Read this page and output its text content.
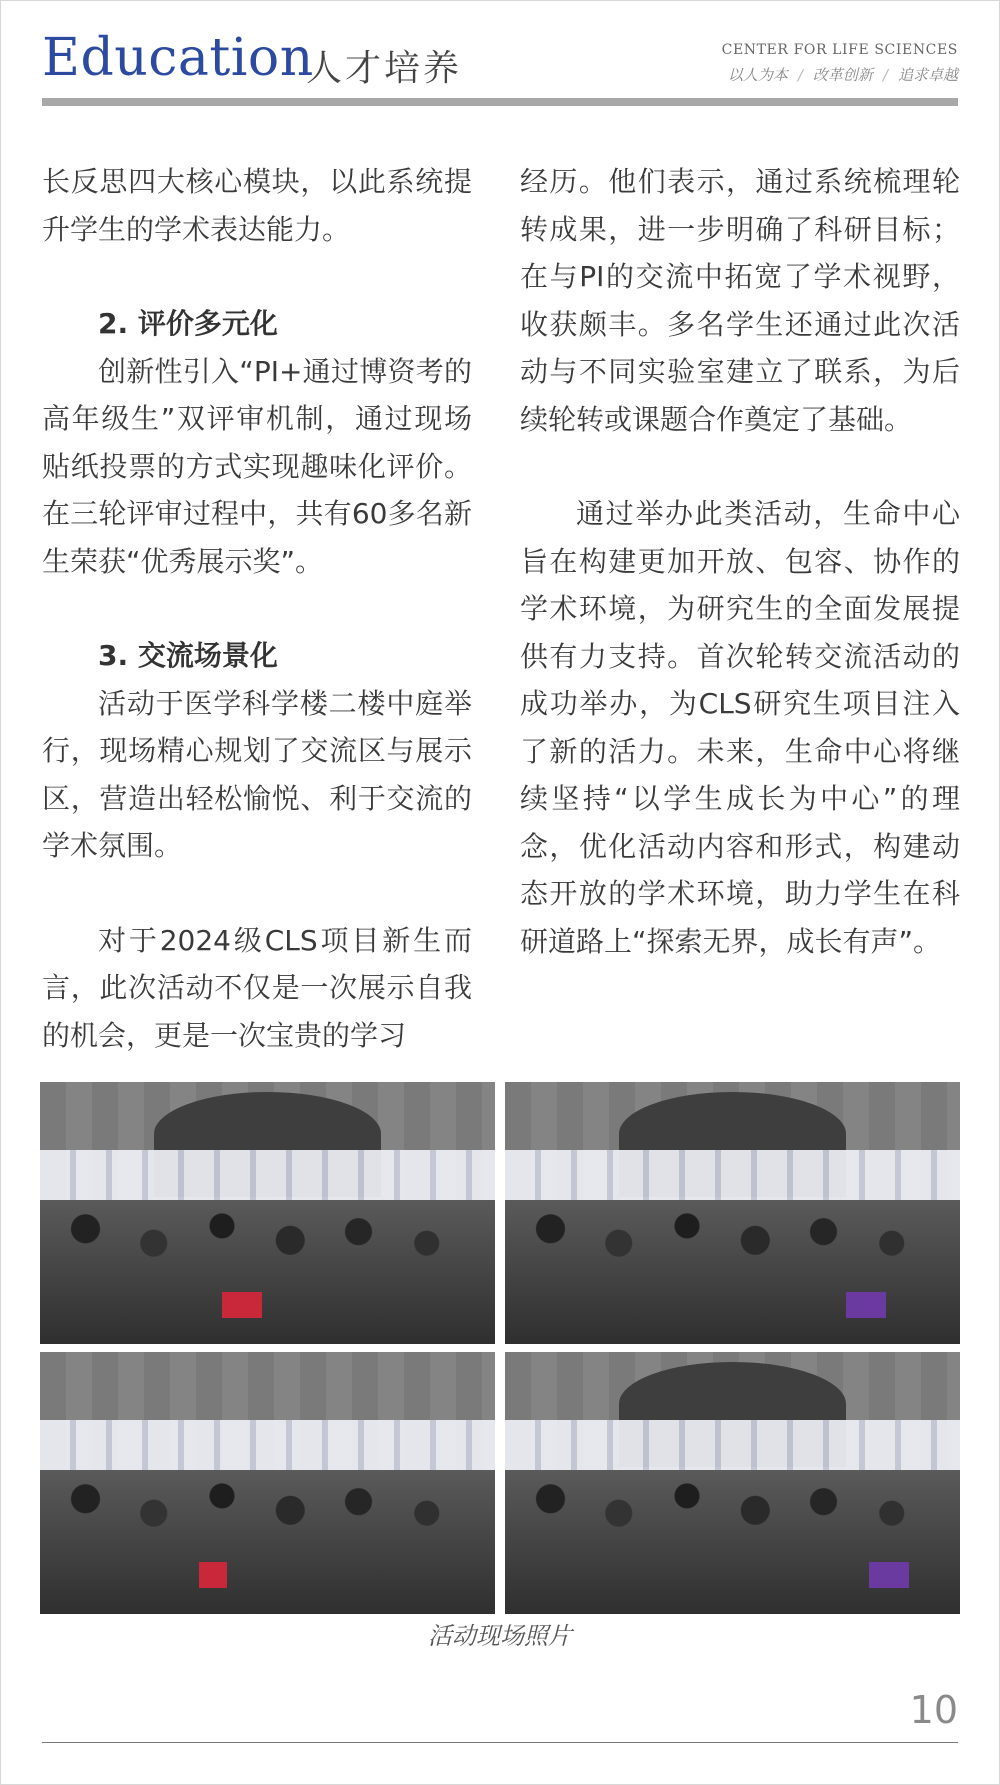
Education
人才培养	CENTER FOR LIFE SCIENCES
以人为本 / 改革创新 / 追求卓越

长反思四大核心模块，以此系统提升学生的学术表达能力。

2. 评价多元化

创新性引入“PI+通过博资考的高年级生”双评审机制，通过现场贴纸投票的方式实现趣味化评价。在三轮评审过程中，共有60多名新生荣获“优秀展示奖”。

3. 交流场景化

活动于医学科学楼二楼中庭举行，现场精心规划了交流区与展示区，营造出轻松愉悦、利于交流的学术氛围。

对于2024级CLS项目新生而言，此次活动不仅是一次展示自我的机会，更是一次宝贵的学习

经历。他们表示，通过系统梳理轮转成果，进一步明确了科研目标；在与PI的交流中拓宽了学术视野，收获颇丰。多名学生还通过此次活动与不同实验室建立了联系，为后续轮转或课题合作奠定了基础。

通过举办此类活动，生命中心旨在构建更加开放、包容、协作的学术环境，为研究生的全面发展提供有力支持。首次轮转交流活动的成功举办，为CLS研究生项目注入了新的活力。未来，生命中心将继续坚持“以学生成长为中心”的理念，优化活动内容和形式，构建动态开放的学术环境，助力学生在科研道路上“探索无界，成长有声”。

活动现场照片
10
